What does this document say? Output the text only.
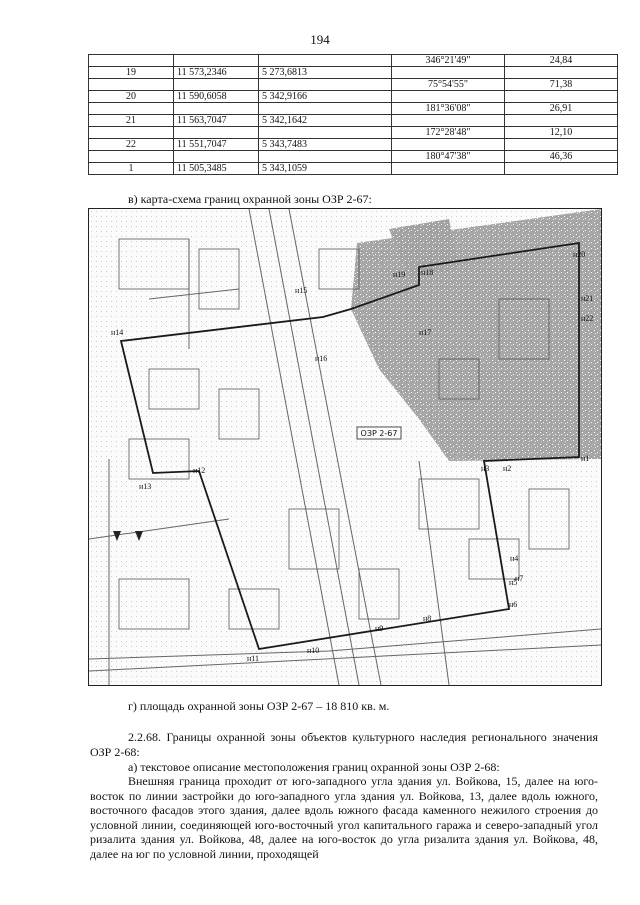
194
			346°21'49"	24,84
19	11 573,2346	5 273,6813		
			75°54'55"	71,38
20	11 590,6058	5 342,9166		
			181°36'08"	26,91
21	11 563,7047	5 342,1642		
			172°28'48"	12,10
22	11 551,7047	5 343,7483		
			180°47'38"	46,36
1	11 505,3485	5 343,1059		
в) карта-схема границ охранной зоны ОЗР 2-67:
ОЗР 2-67
н1
н2
н3
н4
н5
н6
н7
н8
н9
н10
н11
н12
н13
н14
н15
н16
н17
н18
н19
н20
н21
н22
г) площадь охранной зоны ОЗР 2-67 – 18 810 кв. м.

2.2.68. Границы охранной зоны объектов культурного наследия регионального значения ОЗР 2-68:

а) текстовое описание местоположения границ охранной зоны ОЗР 2-68:

Внешняя граница проходит от юго-западного угла здания ул. Войкова, 15, далее на юго-восток по линии застройки до юго-западного угла здания ул. Войкова, 13, далее вдоль южного, восточного фасадов этого здания, далее вдоль южного фасада каменного нежилого строения до условной линии, соединяющей юго-восточный угол капитального гаража и северо-западный угол ризалита здания ул. Войкова, 48, далее на юго-восток до угла ризалита здания ул. Войкова, 48, далее на юг по условной линии, проходящей
